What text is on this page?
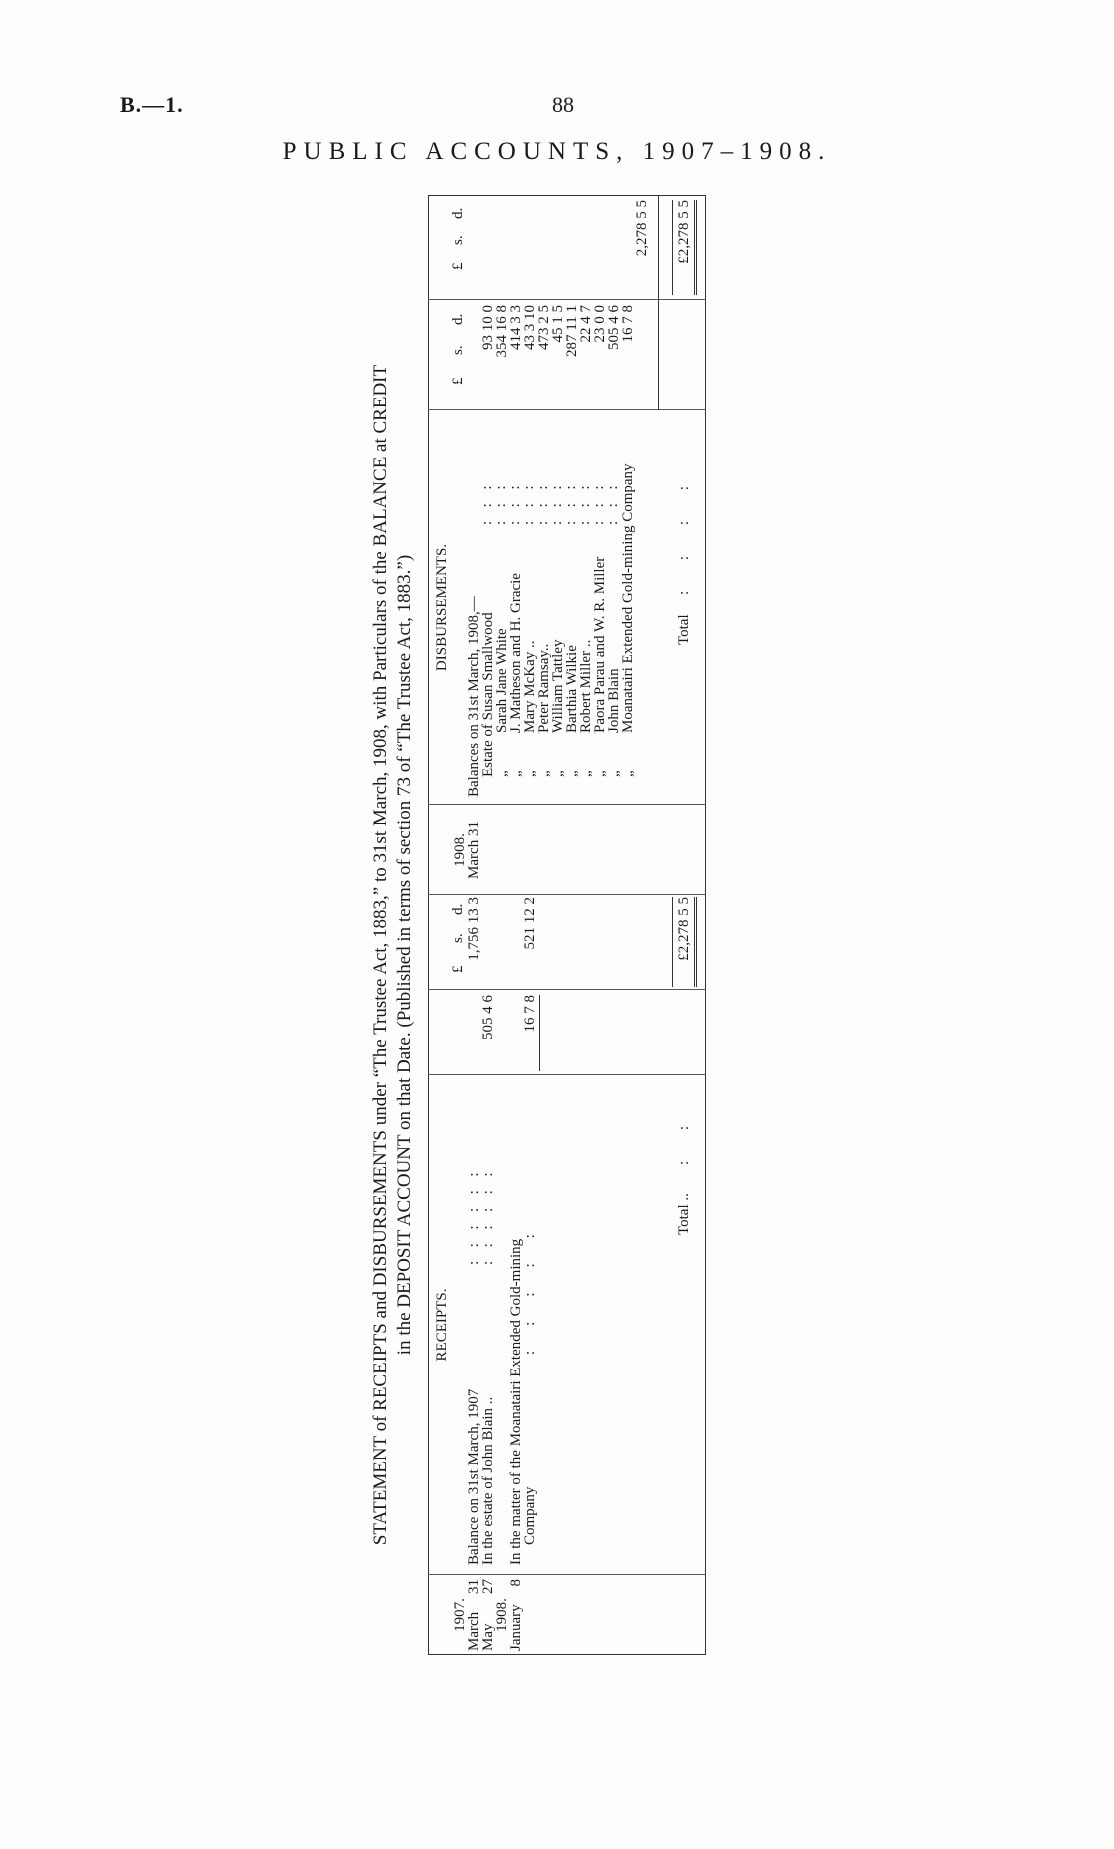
B.—1.	88
PUBLIC ACCOUNTS, 1907–1908.
STATEMENT of RECEIPTS and DISBURSEMENTS under “The Trustee Act, 1883,” to 31st March, 1908, with Particulars of the BALANCE at CREDIT in the DEPOSIT ACCOUNT on that Date. (Published in terms of section 73 of “The Trustee Act, 1883.”) RECEIPTS.
£
s.
d.
1907.
March
31
Balance on 31st March, 1907
:  :  :  :  :  :
1,756 13 3
May
27
In the estate of John Blain ..
:  :  :  :  :  :
505 4 6
1908.
January
8
In the matter of the Moanatairi Extended Gold-mining
Company
:    :    :    :    :
16 7 8
521 12 2
Total ..
:     :
£2,278 5 5
DISBURSEMENTS.
1908.
March 31
£
s.
d.
£
s.
d.
Balances on 31st March, 1908,—
Estate of Susan Smallwood
93 10 0
„
Sarah Jane White
354 16 8
„
J. Matheson and H. Gracie
414 3 3
„
Mary McKay ..
43 3 10
„
Peter Ramsay..
473 2 5
„
William Tattley
45 1 5
„
Barthia Wilkie
287 11 1
„
Robert Miller ..
22 4 7
„
Paora Parau and W. R. Miller
23 0 0
„
John Blain
505 4 6
„
Moanatairi Extended Gold-mining Company
16 7 8
:  :  :
:  :  :
:  :  :
:  :  :
:  :  :
:  :  :
:  :  :
:  :  :
:  :  :
:  :  :
2,278 5 5
Total
:     :     :     :
£2,278 5 5
